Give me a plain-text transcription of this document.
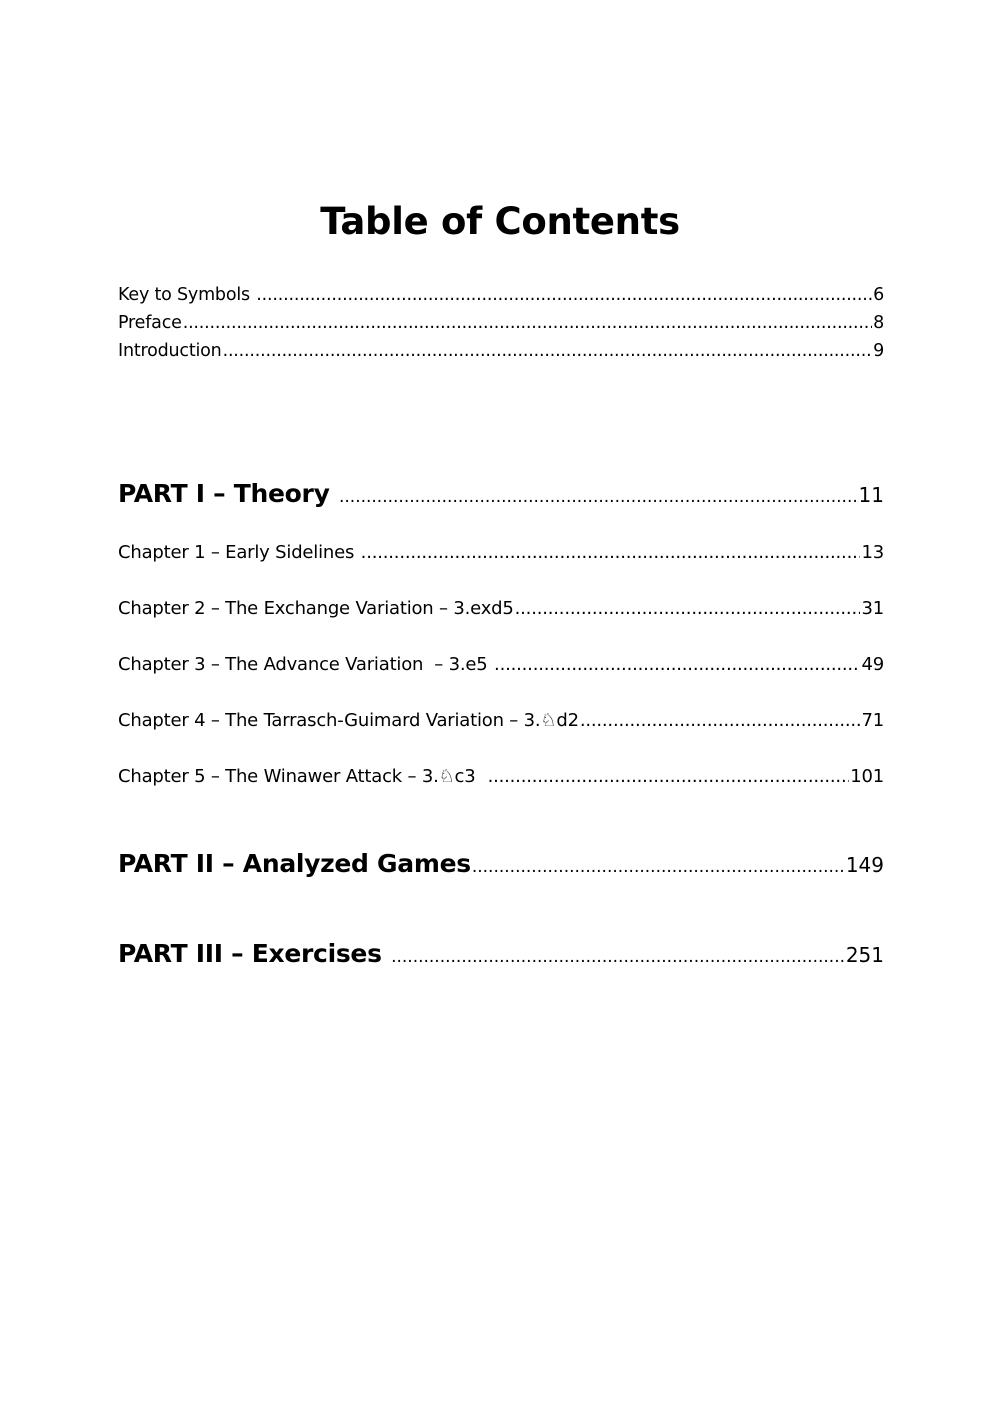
Table of Contents
Key to Symbols .....	6
Preface .....	8
Introduction .....	9
PART I – Theory .....	11
Chapter 1 – Early Sidelines .....	13
Chapter 2 – The Exchange Variation – 3.exd5 .....	31
Chapter 3 – The Advance Variation  – 3.e5 .....	49
Chapter 4 – The Tarrasch-Guimard Variation – 3.♘d2 .....	71
Chapter 5 – The Winawer Attack – 3.♘c3 .....	101
PART II – Analyzed Games .....	149
PART III – Exercises .....	251
